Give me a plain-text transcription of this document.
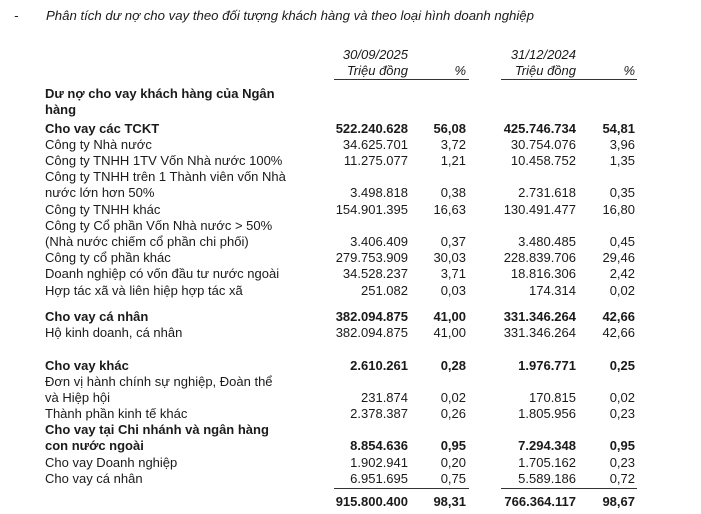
- Phân tích dư nợ cho vay theo đối tượng khách hàng và theo loại hình doanh nghiệp
30/09/2025
Triệu đồng	%
31/12/2024
Triệu đồng	%
Dư nợ cho vay khách hàng của Ngân
hàng
Cho vay các TCKT	522.240.628 56,08	425.746.734 54,81
Công ty Nhà nước	34.625.701	3,72	30.754.076	3,96
Công ty TNHH 1TV Vốn Nhà nước 100%	11.275.077	1,21	10.458.752	1,35
Công ty TNHH trên 1 Thành viên vốn Nhà
nước lớn hơn 50%	3.498.818	0,38	2.731.618	0,35
Công ty TNHH khác	154.901.395 16,63	130.491.477 16,80
Công ty Cổ phần Vốn Nhà nước > 50%
(Nhà nước chiếm cổ phần chi phối)	3.406.409	0,37	3.480.485	0,45
Công ty cổ phần khác	279.753.909 30,03	228.839.706 29,46
Doanh nghiệp có vốn đầu tư nước ngoài	34.528.237	3,71	18.816.306	2,42
Hợp tác xã và liên hiệp hợp tác xã	251.082	0,03	174.314	0,02
Cho vay cá nhân	382.094.875 41,00	331.346.264 42,66
Hộ kinh doanh, cá nhân	382.094.875 41,00	331.346.264 42,66
Cho vay khác	2.610.261	0,28	1.976.771	0,25
Đơn vị hành chính sự nghiệp, Đoàn thể
và Hiệp hội	231.874	0,02	170.815	0,02
Thành phần kinh tế khác	2.378.387	0,26	1.805.956	0,23
Cho vay tại Chi nhánh và ngân hàng
con nước ngoài	8.854.636	0,95	7.294.348	0,95
Cho vay Doanh nghiệp	1.902.941	0,20	1.705.162	0,23
Cho vay cá nhân	6.951.695	0,75	5.589.186	0,72
915.800.400 98,31	766.364.117 98,67
